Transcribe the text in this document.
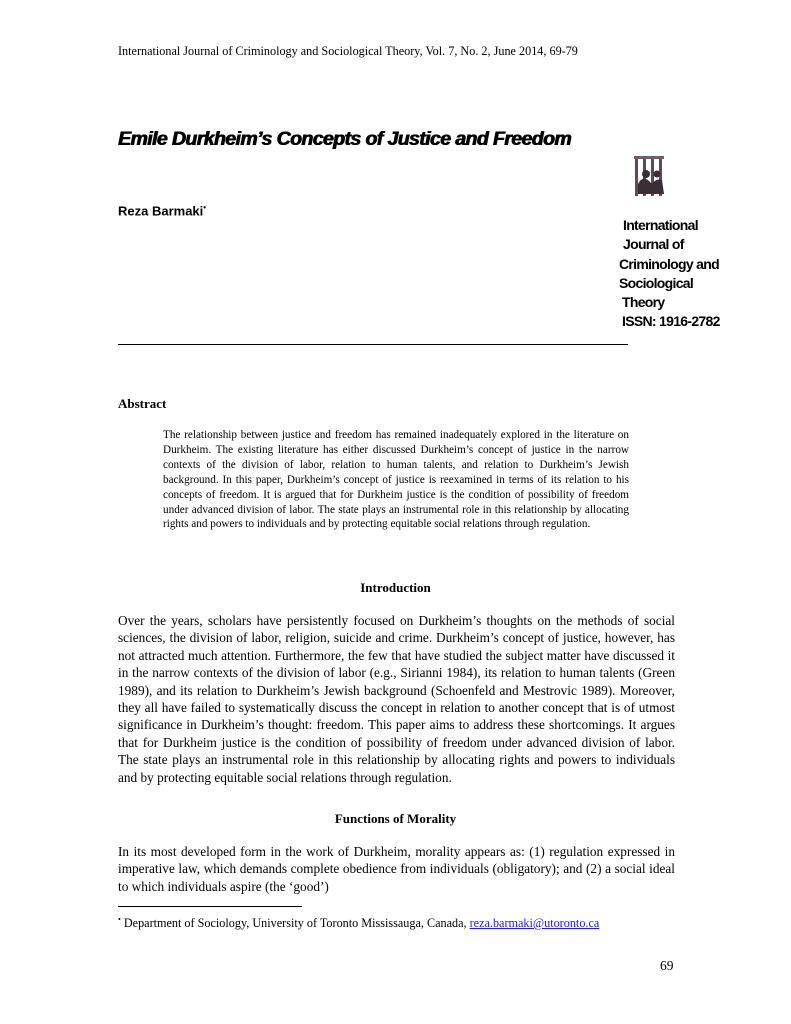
International Journal of Criminology and Sociological Theory, Vol. 7, No. 2, June 2014, 69-79
Emile Durkheim’s Concepts of Justice and Freedom
Reza Barmaki•
International
Journal of
Criminology and
Sociological
Theory
ISSN: 1916-2782
Abstract
The relationship between justice and freedom has remained inadequately explored in the literature on Durkheim. The existing literature has either discussed Durkheim’s concept of justice in the narrow contexts of the division of labor, relation to human talents, and relation to Durkheim’s Jewish background. In this paper, Durkheim’s concept of justice is reexamined in terms of its relation to his concepts of freedom. It is argued that for Durkheim justice is the condition of possibility of freedom under advanced division of labor. The state plays an instrumental role in this relationship by allocating rights and powers to individuals and by protecting equitable social relations through regulation.
Introduction
Over the years, scholars have persistently focused on Durkheim’s thoughts on the methods of social sciences, the division of labor, religion, suicide and crime. Durkheim’s concept of justice, however, has not attracted much attention. Furthermore, the few that have studied the subject matter have discussed it in the narrow contexts of the division of labor (e.g., Sirianni 1984), its relation to human talents (Green 1989), and its relation to Durkheim’s Jewish background (Schoenfeld and Mestrovic 1989). Moreover, they all have failed to systematically discuss the concept in relation to another concept that is of utmost significance in Durkheim’s thought: freedom. This paper aims to address these shortcomings. It argues that for Durkheim justice is the condition of possibility of freedom under advanced division of labor. The state plays an instrumental role in this relationship by allocating rights and powers to individuals and by protecting equitable social relations through regulation.
Functions of Morality
In its most developed form in the work of Durkheim, morality appears as: (1) regulation expressed in imperative law, which demands complete obedience from individuals (obligatory); and (2) a social ideal to which individuals aspire (the ‘good’)
• Department of Sociology, University of Toronto Mississauga, Canada, reza.barmaki@utoronto.ca
69
